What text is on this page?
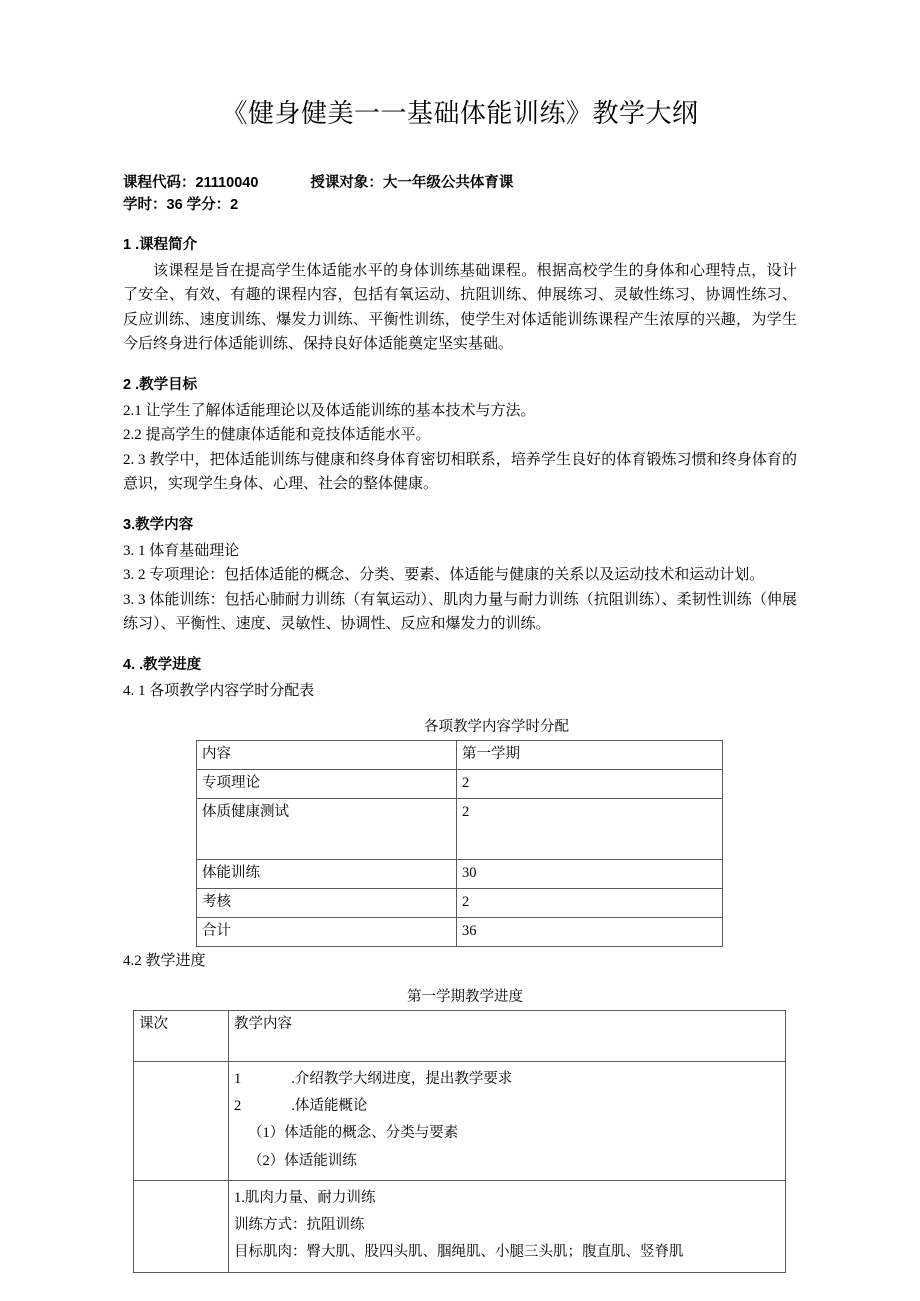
《健身健美一一基础体能训练》教学大纲
课程代码：21110040	授课对象：大一年级公共体育课
学时：36 学分：2

1 .课程简介

该课程是旨在提高学生体适能水平的身体训练基础课程。根据高校学生的身体和心理特点，设计了安全、有效、有趣的课程内容，包括有氧运动、抗阻训练、伸展练习、灵敏性练习、协调性练习、反应训练、速度训练、爆发力训练、平衡性训练，使学生对体适能训练课程产生浓厚的兴趣，为学生今后终身进行体适能训练、保持良好体适能奠定坚实基础。

2 .教学目标

2.1 让学生了解体适能理论以及体适能训练的基本技术与方法。

2.2 提高学生的健康体适能和竞技体适能水平。

2. 3 教学中，把体适能训练与健康和终身体育密切相联系，培养学生良好的体育锻炼习惯和终身体育的意识，实现学生身体、心理、社会的整体健康。

3.教学内容

3. 1 体育基础理论

3. 2 专项理论：包括体适能的概念、分类、要素、体适能与健康的关系以及运动技术和运动计划。

3. 3 体能训练：包括心肺耐力训练（有氧运动）、肌肉力量与耐力训练（抗阻训练）、柔韧性训练（伸展练习）、平衡性、速度、灵敏性、协调性、反应和爆发力的训练。

4. .教学进度

4. 1 各项教学内容学时分配表

各项教学内容学时分配
内容	第一学期
专项理论	2
体质健康测试	2
体能训练	30
考核	2
合计	36

4.2 教学进度

第一学期教学进度
课次	教学内容

	1 .介绍教学大纲进度，提出教学要求
2 .体适能概论
（1）体适能的概念、分类与要素
（2）体适能训练

	1.肌肉力量、耐力训练
训练方式：抗阻训练
目标肌肉：臀大肌、股四头肌、腘绳肌、小腿三头肌；腹直肌、竖脊肌
